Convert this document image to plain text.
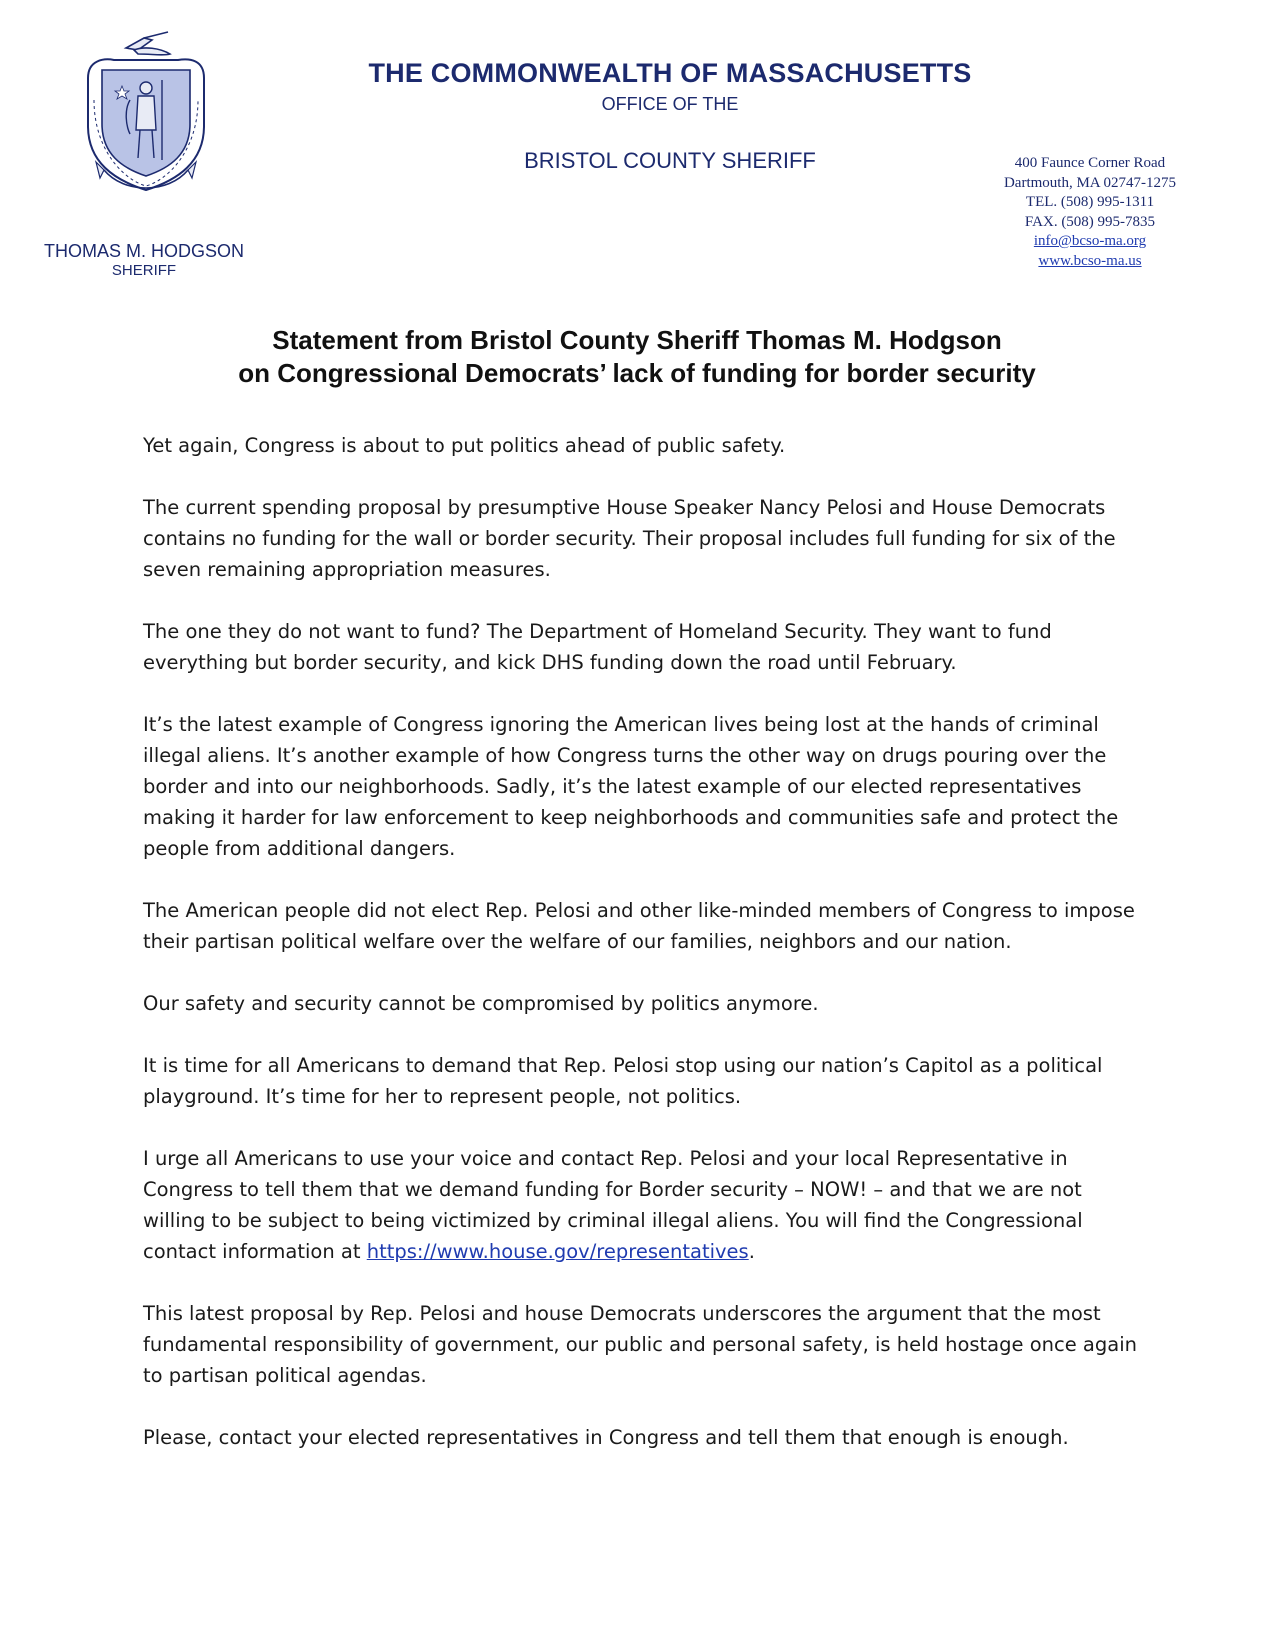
THOMAS M. HODGSON
SHERIFF
THE COMMONWEALTH OF MASSACHUSETTS
OFFICE OF THE
BRISTOL COUNTY SHERIFF	400 Faunce Corner Road
Dartmouth, MA 02747-1275
TEL. (508) 995-1311
FAX. (508) 995-7835
info@bcso-ma.org
www.bcso-ma.us
Statement from Bristol County Sheriff Thomas M. Hodgson
on Congressional Democrats’ lack of funding for border security

Yet again, Congress is about to put politics ahead of public safety.

The current spending proposal by presumptive House Speaker Nancy Pelosi and House Democrats contains no funding for the wall or border security. Their proposal includes full funding for six of the seven remaining appropriation measures.

The one they do not want to fund? The Department of Homeland Security. They want to fund everything but border security, and kick DHS funding down the road until February.

It’s the latest example of Congress ignoring the American lives being lost at the hands of criminal illegal aliens. It’s another example of how Congress turns the other way on drugs pouring over the border and into our neighborhoods. Sadly, it’s the latest example of our elected representatives making it harder for law enforcement to keep neighborhoods and communities safe and protect the people from additional dangers.

The American people did not elect Rep. Pelosi and other like-minded members of Congress to impose their partisan political welfare over the welfare of our families, neighbors and our nation.

Our safety and security cannot be compromised by politics anymore.

It is time for all Americans to demand that Rep. Pelosi stop using our nation’s Capitol as a political playground. It’s time for her to represent people, not politics.

I urge all Americans to use your voice and contact Rep. Pelosi and your local Representative in Congress to tell them that we demand funding for Border security – NOW! – and that we are not willing to be subject to being victimized by criminal illegal aliens. You will find the Congressional contact information at https://www.house.gov/representatives.

This latest proposal by Rep. Pelosi and house Democrats underscores the argument that the most fundamental responsibility of government, our public and personal safety, is held hostage once again to partisan political agendas.

Please, contact your elected representatives in Congress and tell them that enough is enough.
